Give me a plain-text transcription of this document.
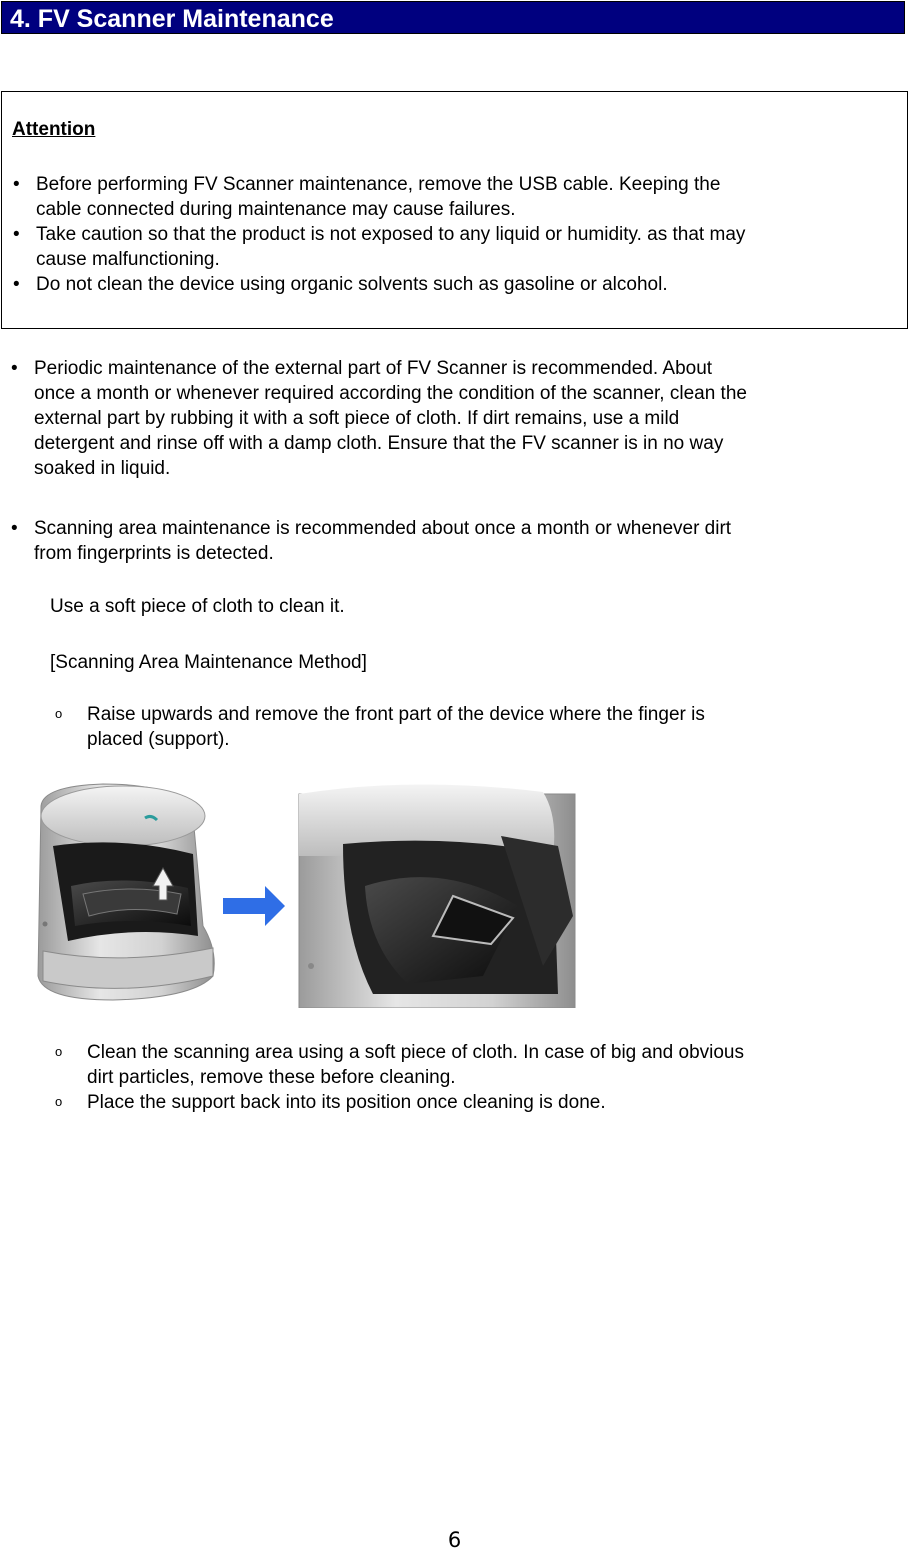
4. FV Scanner Maintenance
Attention

• Before performing FV Scanner maintenance, remove the USB cable. Keeping the

cable connected during maintenance may cause failures.

• Take caution so that the product is not exposed to any liquid or humidity. as that may

cause malfunctioning.

• Do not clean the device using organic solvents such as gasoline or alcohol.

• Periodic maintenance of the external part of FV Scanner is recommended. About

once a month or whenever required according the condition of the scanner, clean the

external part by rubbing it with a soft piece of cloth. If dirt remains, use a mild

detergent and rinse off with a damp cloth. Ensure that the FV scanner is in no way

soaked in liquid.

• Scanning area maintenance is recommended about once a month or whenever dirt

from fingerprints is detected.

Use a soft piece of cloth to clean it.
[Scanning Area Maintenance Method]
o Raise upwards and remove the front part of the device where the finger is
placed (support).
o Clean the scanning area using a soft piece of cloth. In case of big and obvious
dirt particles, remove these before cleaning.
o Place the support back into its position once cleaning is done.
6
